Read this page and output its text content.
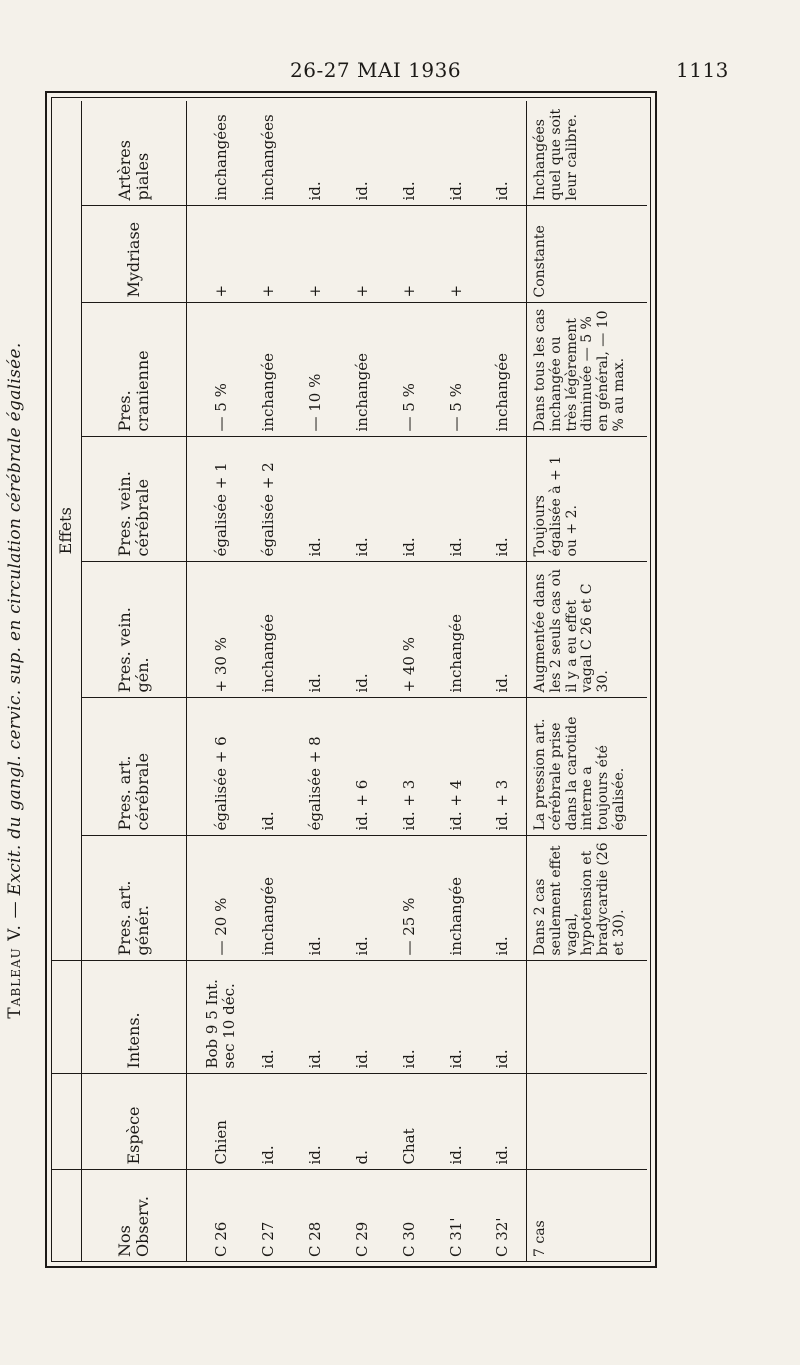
26-27 MAI 1936	1113
Tableau V. — Excit. du gangl. cervic. sup. en circulation cérébrale égalisée.
			Effets						
Nos Observ.	Espèce	Intens.	Pres. art. génér.	Pres. art. cérébrale	Pres. vein. gén.	Pres. vein. cérébrale	Pres. cranienne	Mydriase	Artères piales
C 26	Chien	Bob 9 5 Int. sec 10 déc.	— 20 %	égalisée + 6	+ 30 %	égalisée + 1	— 5 %	+	inchangées
C 27	id.	id.	inchangée	id.	inchangée	égalisée + 2	inchangée	+	inchangées
C 28	id.	id.	id.	égalisée + 8	id.	id.	— 10 %	+	id.
C 29	d.	id.	id.	id. + 6	id.	id.	inchangée	+	id.
C 30	Chat	id.	— 25 %	id. + 3	+ 40 %	id.	— 5 %	+	id.
C 31'	id.	id.	inchangée	id. + 4	inchangée	id.	— 5 %	+	id.
C 32'	id.	id.	id.	id. + 3	id.	id.	inchangée		id.
7 cas			Dans 2 cas seulement effet vagal, hypotension et bradycardie (26 et 30).	La pression art. cérébrale prise dans la carotide interne a toujours été égalisée.	Augmentée dans les 2 seuls cas où il y a eu effet vagal C 26 et C 30.	Toujours égalisée à + 1 ou + 2.	Dans tous les cas inchangée ou très légèrement diminuée — 5 % en général, — 10 % au max.	Constante	Inchangées quel que soit leur calibre.
